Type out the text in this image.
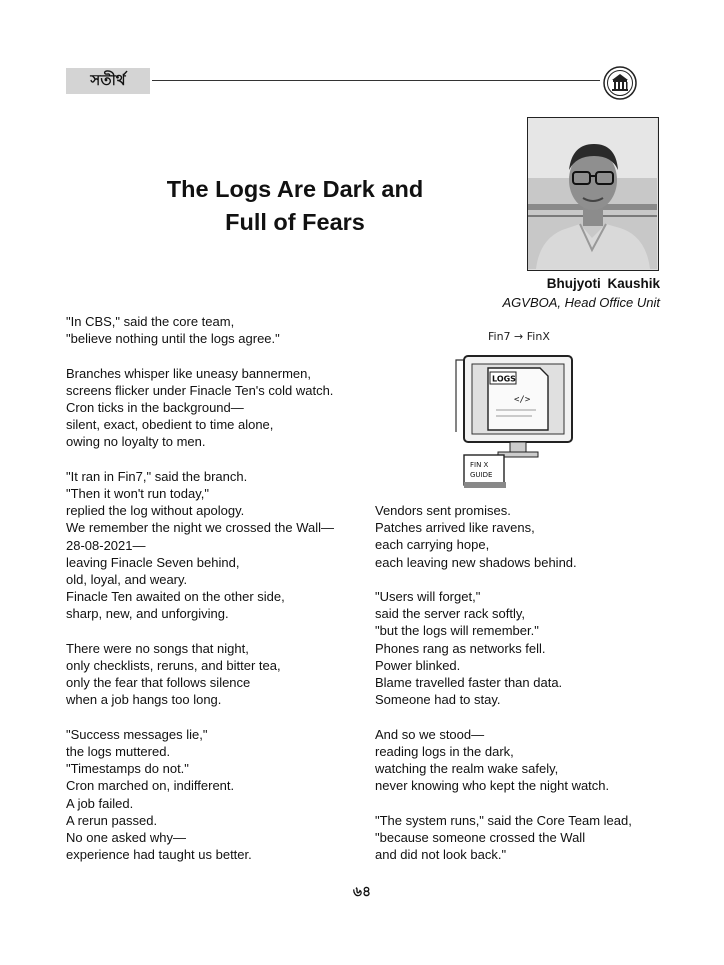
সতীৰ্থ
The Logs Are Dark and
Full of Fears
Bhujyoti Kaushik
AGVBOA, Head Office Unit
Fin7 → FinX
LOGS
</>
FIN X
GUIDE

"In CBS," said the core team,
"believe nothing until the logs agree."

Branches whisper like uneasy bannermen,
screens flicker under Finacle Ten's cold watch.
Cron ticks in the background—
silent, exact, obedient to time alone,
owing no loyalty to men.

"It ran in Fin7," said the branch.
"Then it won't run today,"
replied the log without apology.
We remember the night we crossed the Wall—
28-08-2021—
leaving Finacle Seven behind,
old, loyal, and weary.
Finacle Ten awaited on the other side,
sharp, new, and unforgiving.

There were no songs that night,
only checklists, reruns, and bitter tea,
only the fear that follows silence
when a job hangs too long.

"Success messages lie,"
the logs muttered.
"Timestamps do not."
Cron marched on, indifferent.
A job failed.
A rerun passed.
No one asked why—
experience had taught us better.

Vendors sent promises.
Patches arrived like ravens,
each carrying hope,
each leaving new shadows behind.

"Users will forget,"
said the server rack softly,
"but the logs will remember."
Phones rang as networks fell.
Power blinked.
Blame travelled faster than data.
Someone had to stay.

And so we stood—
reading logs in the dark,
watching the realm wake safely,
never knowing who kept the night watch.

"The system runs," said the Core Team lead,
"because someone crossed the Wall
and did not look back."

৬৪
